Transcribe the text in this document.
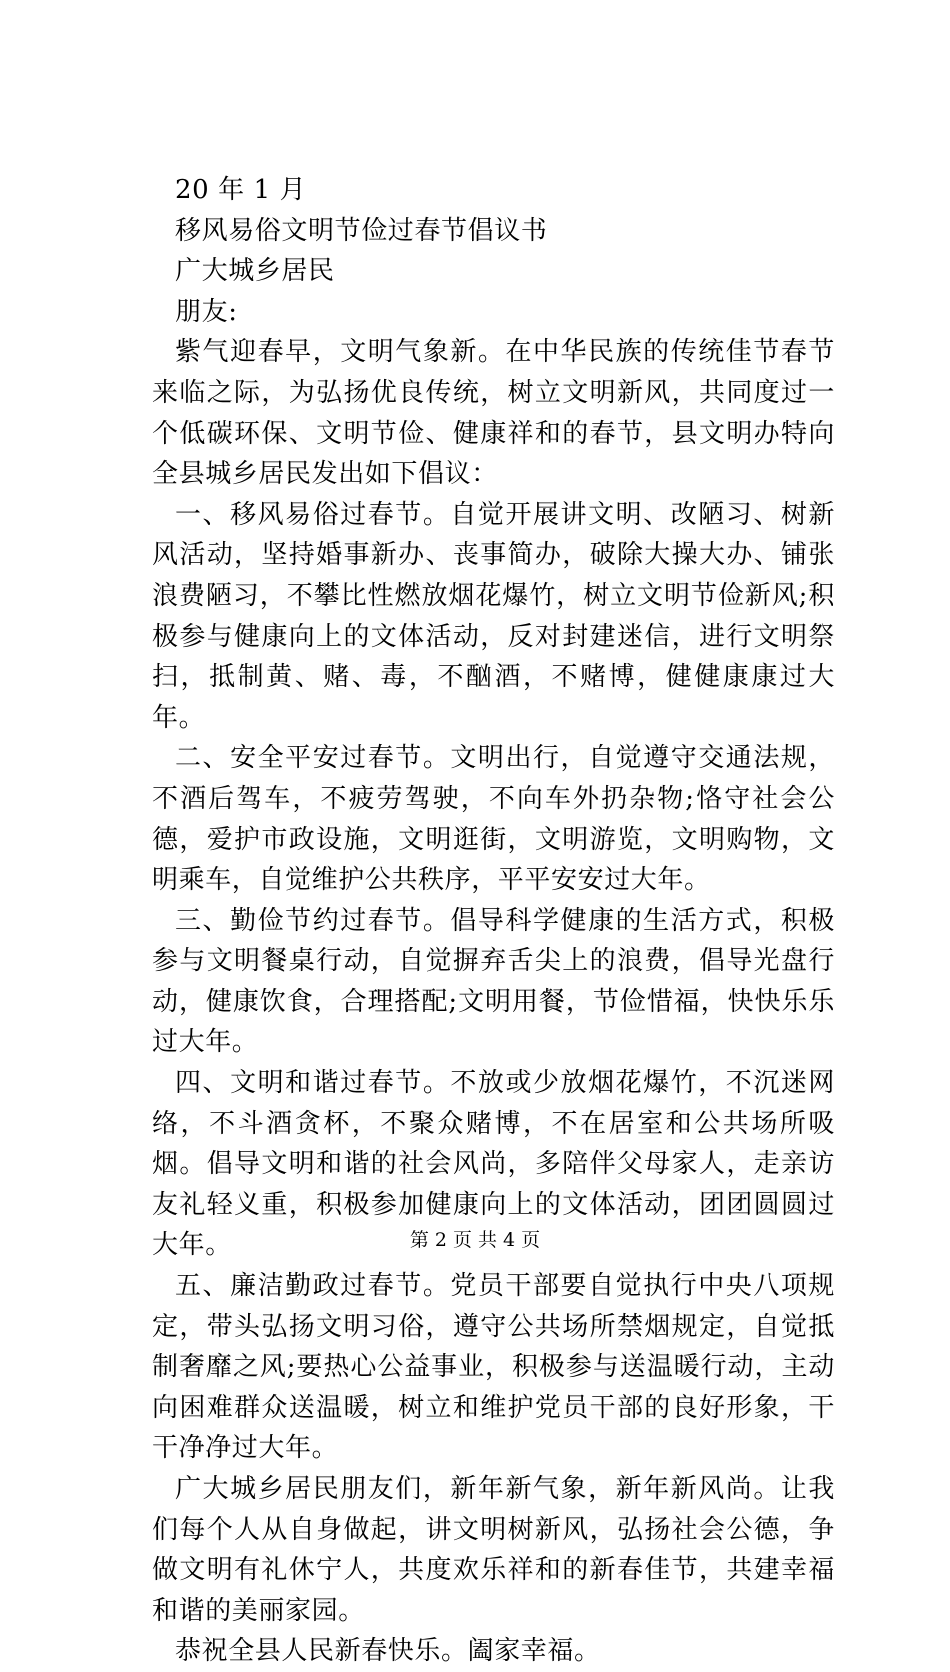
20 年 1 月

移风易俗文明节俭过春节倡议书

广大城乡居民

朋友:

紫气迎春早，文明气象新。在中华民族的传统佳节春节来临之际，为弘扬优良传统，树立文明新风，共同度过一个低碳环保、文明节俭、健康祥和的春节，县文明办特向全县城乡居民发出如下倡议：

一、移风易俗过春节。自觉开展讲文明、改陋习、树新风活动，坚持婚事新办、丧事简办，破除大操大办、铺张浪费陋习，不攀比性燃放烟花爆竹，树立文明节俭新风;积极参与健康向上的文体活动，反对封建迷信，进行文明祭扫，抵制黄、赌、毒，不酗酒，不赌博，健健康康过大年。

二、安全平安过春节。文明出行，自觉遵守交通法规，不酒后驾车，不疲劳驾驶，不向车外扔杂物;恪守社会公德，爱护市政设施，文明逛街，文明游览，文明购物，文明乘车，自觉维护公共秩序，平平安安过大年。

三、勤俭节约过春节。倡导科学健康的生活方式，积极参与文明餐桌行动，自觉摒弃舌尖上的浪费，倡导光盘行动，健康饮食，合理搭配;文明用餐，节俭惜福，快快乐乐过大年。

四、文明和谐过春节。不放或少放烟花爆竹，不沉迷网络，不斗酒贪杯，不聚众赌博，不在居室和公共场所吸烟。倡导文明和谐的社会风尚，多陪伴父母家人，走亲访友礼轻义重，积极参加健康向上的文体活动，团团圆圆过大年。

五、廉洁勤政过春节。党员干部要自觉执行中央八项规定，带头弘扬文明习俗，遵守公共场所禁烟规定，自觉抵制奢靡之风;要热心公益事业，积极参与送温暖行动，主动向困难群众送温暖，树立和维护党员干部的良好形象，干干净净过大年。

广大城乡居民朋友们，新年新气象，新年新风尚。让我们每个人从自身做起，讲文明树新风，弘扬社会公德，争做文明有礼休宁人，共度欢乐祥和的新春佳节，共建幸福和谐的美丽家园。

恭祝全县人民新春快乐。阖家幸福。

第 2 页 共 4 页
